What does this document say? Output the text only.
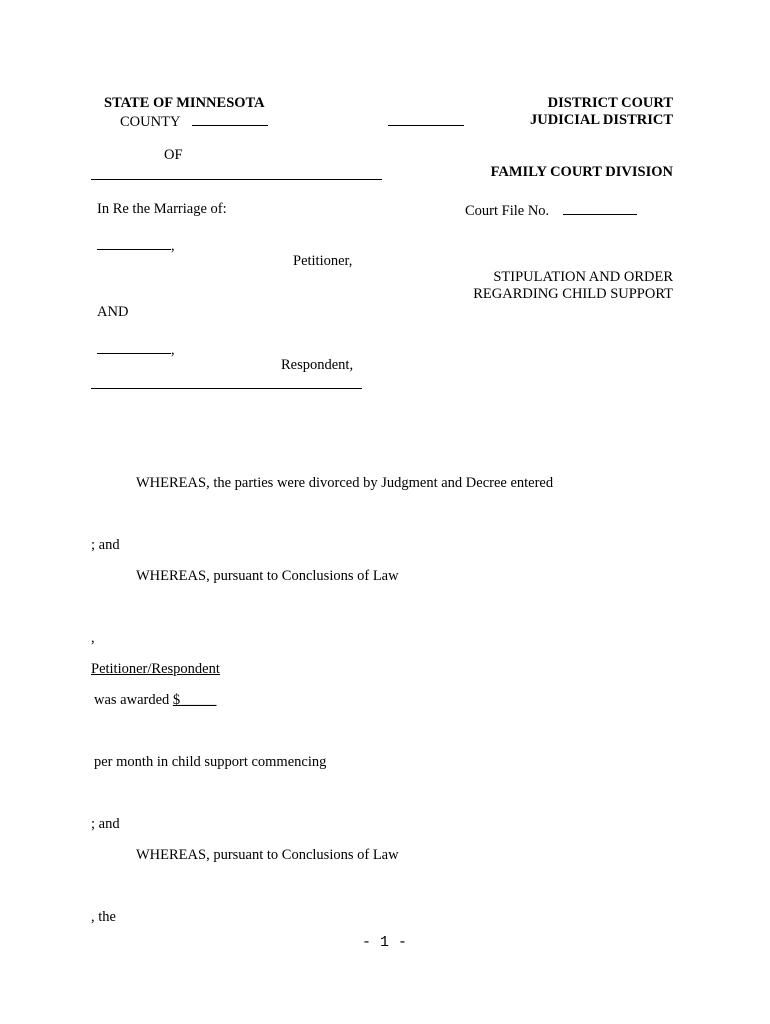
STATE OF MINNESOTA
COUNTY
OF
In Re the Marriage of:
,
Petitioner,
AND
,
Respondent,
DISTRICT COURT
JUDICIAL DISTRICT
FAMILY COURT DIVISION
Court File No.
STIPULATION AND ORDER
REGARDING CHILD SUPPORT
WHEREAS, the parties were divorced by Judgment and Decree entered
; and
WHEREAS, pursuant to Conclusions of Law
,
Petitioner/Respondent
was awarded $_____
per month in child support commencing
; and
WHEREAS, pursuant to Conclusions of Law
, the
- 1 -
